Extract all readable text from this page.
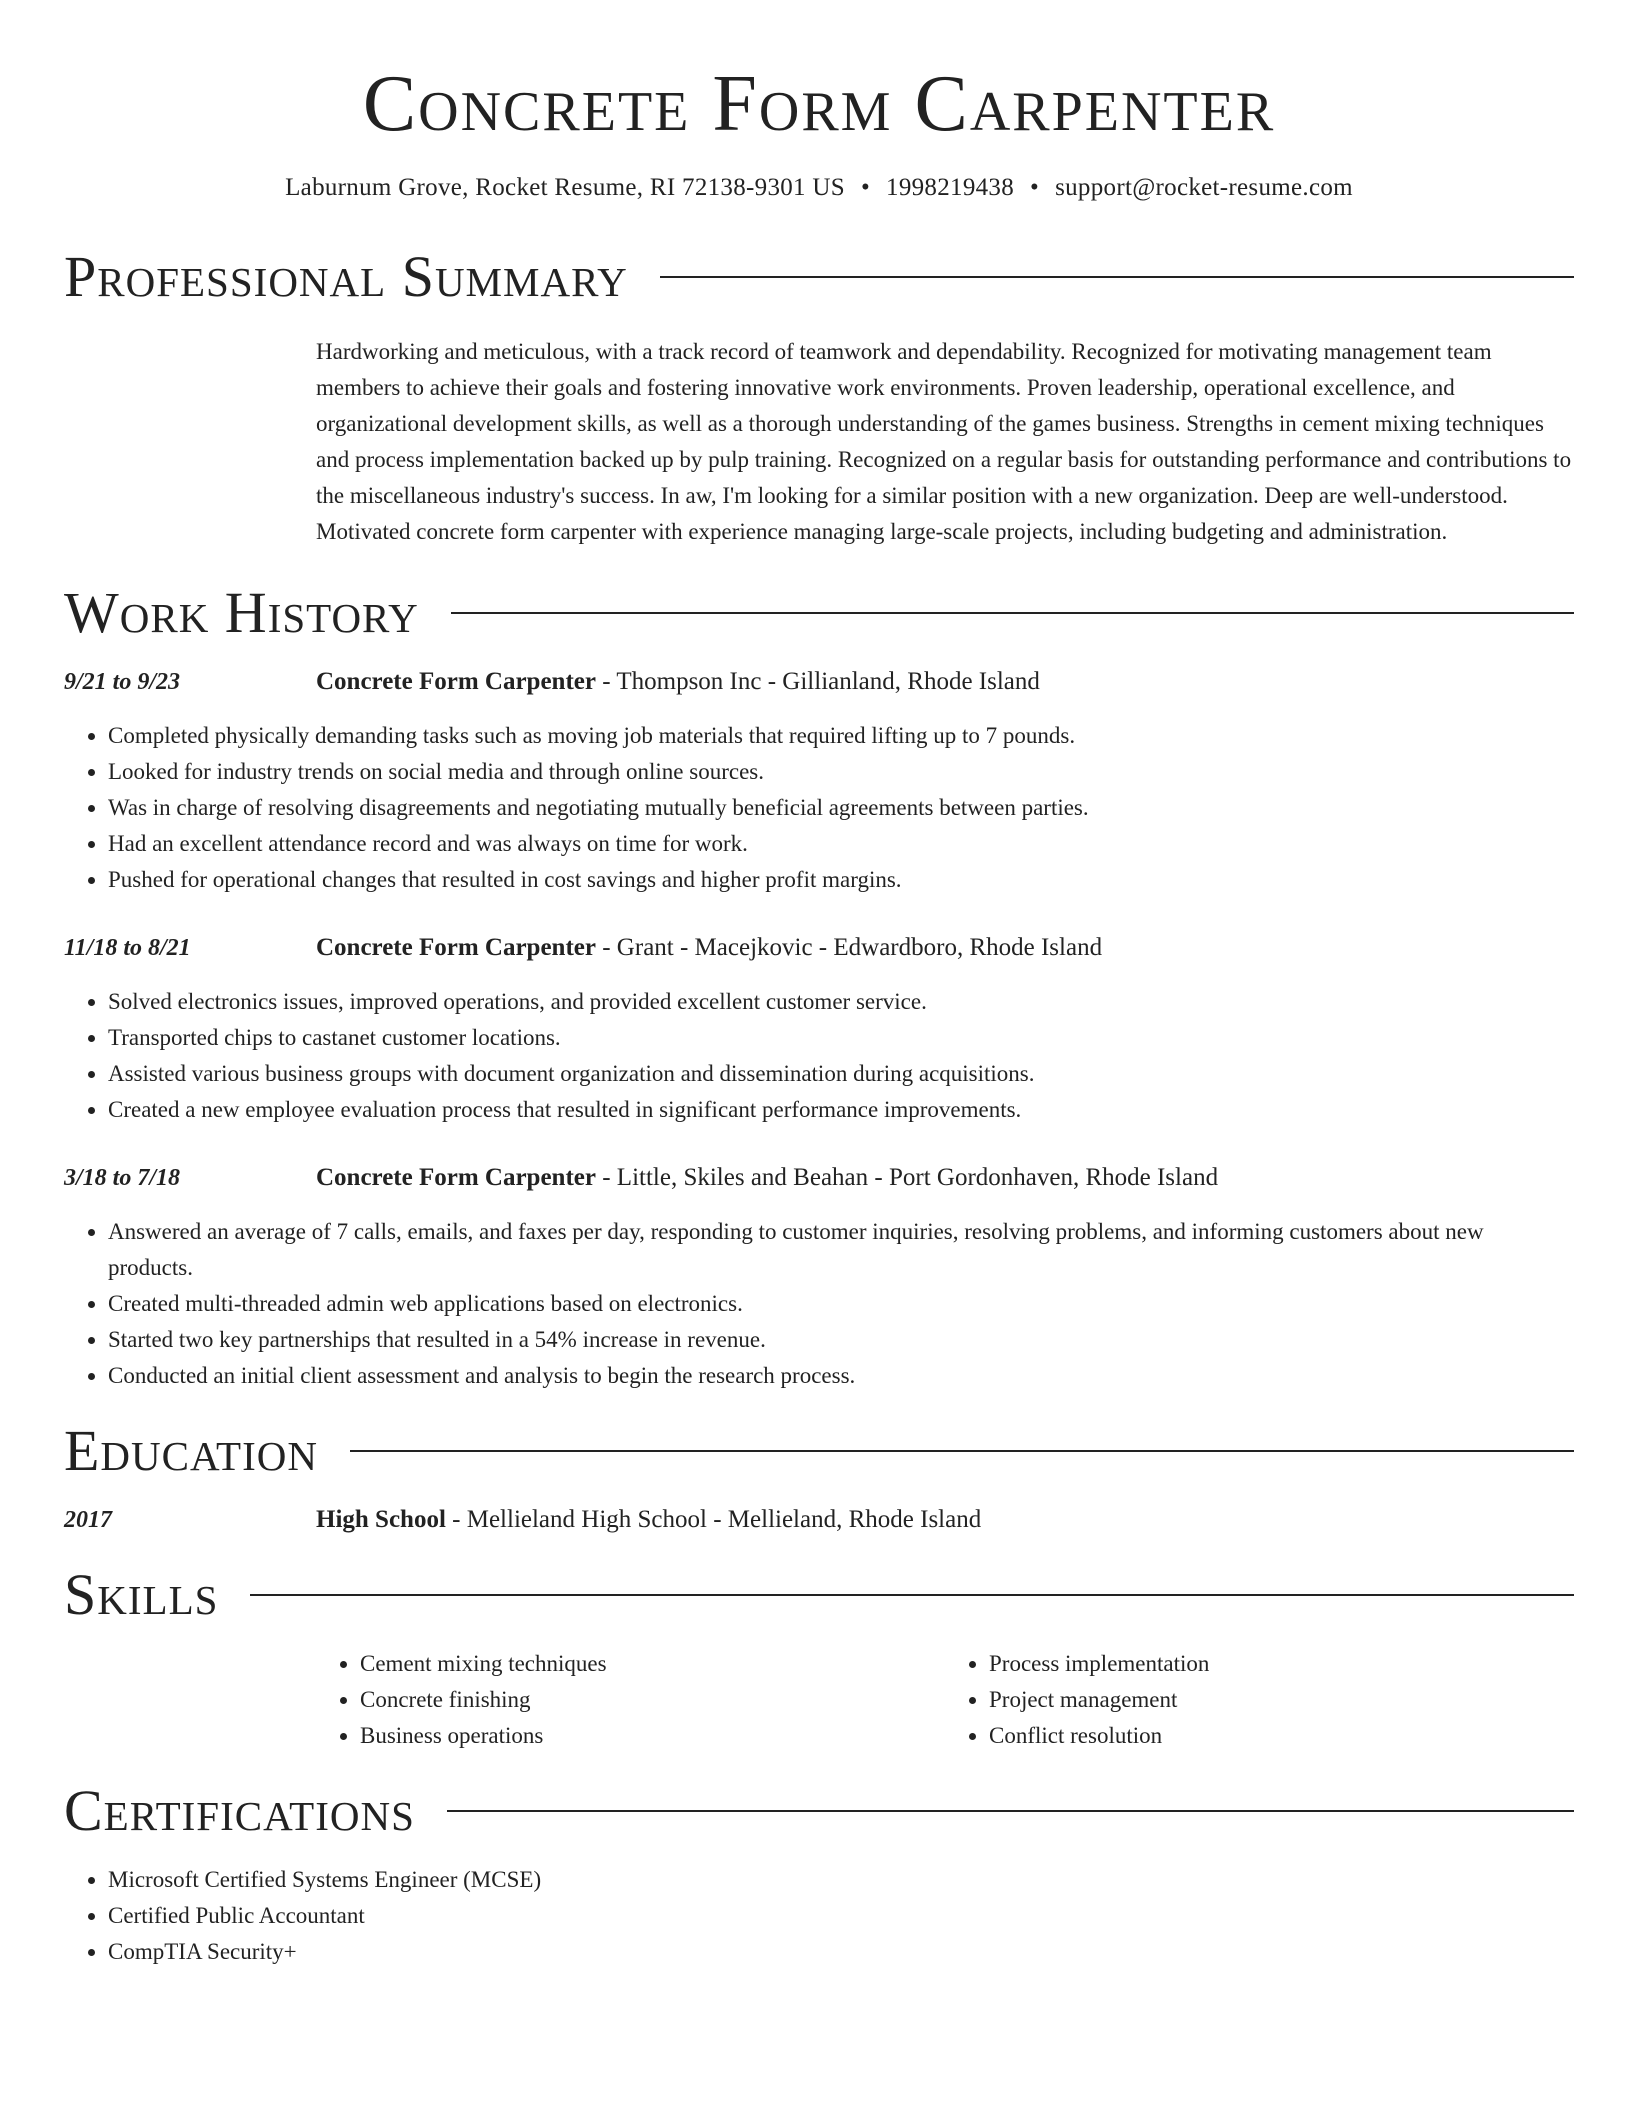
Concrete Form Carpenter
Laburnum Grove, Rocket Resume, RI 72138-9301 US • 1998219438 • support@rocket-resume.com
Professional Summary
Hardworking and meticulous, with a track record of teamwork and dependability. Recognized for motivating management team members to achieve their goals and fostering innovative work environments. Proven leadership, operational excellence, and organizational development skills, as well as a thorough understanding of the games business. Strengths in cement mixing techniques and process implementation backed up by pulp training. Recognized on a regular basis for outstanding performance and contributions to the miscellaneous industry's success. In aw, I'm looking for a similar position with a new organization. Deep are well-understood. Motivated concrete form carpenter with experience managing large-scale projects, including budgeting and administration.
Work History
9/21 to 9/23	Concrete Form Carpenter - Thompson Inc - Gillianland, Rhode Island
• Completed physically demanding tasks such as moving job materials that required lifting up to 7 pounds.
• Looked for industry trends on social media and through online sources.
• Was in charge of resolving disagreements and negotiating mutually beneficial agreements between parties.
• Had an excellent attendance record and was always on time for work.
• Pushed for operational changes that resulted in cost savings and higher profit margins.
11/18 to 8/21	Concrete Form Carpenter - Grant - Macejkovic - Edwardboro, Rhode Island
• Solved electronics issues, improved operations, and provided excellent customer service.
• Transported chips to castanet customer locations.
• Assisted various business groups with document organization and dissemination during acquisitions.
• Created a new employee evaluation process that resulted in significant performance improvements.
3/18 to 7/18	Concrete Form Carpenter - Little, Skiles and Beahan - Port Gordonhaven, Rhode Island
• Answered an average of 7 calls, emails, and faxes per day, responding to customer inquiries, resolving problems, and informing customers about new products.
• Created multi-threaded admin web applications based on electronics.
• Started two key partnerships that resulted in a 54% increase in revenue.
• Conducted an initial client assessment and analysis to begin the research process.
Education
2017	High School - Mellieland High School - Mellieland, Rhode Island
Skills
• Cement mixing techniques
• Concrete finishing
• Business operations
• Process implementation
• Project management
• Conflict resolution
Certifications
• Microsoft Certified Systems Engineer (MCSE)
• Certified Public Accountant
• CompTIA Security+
